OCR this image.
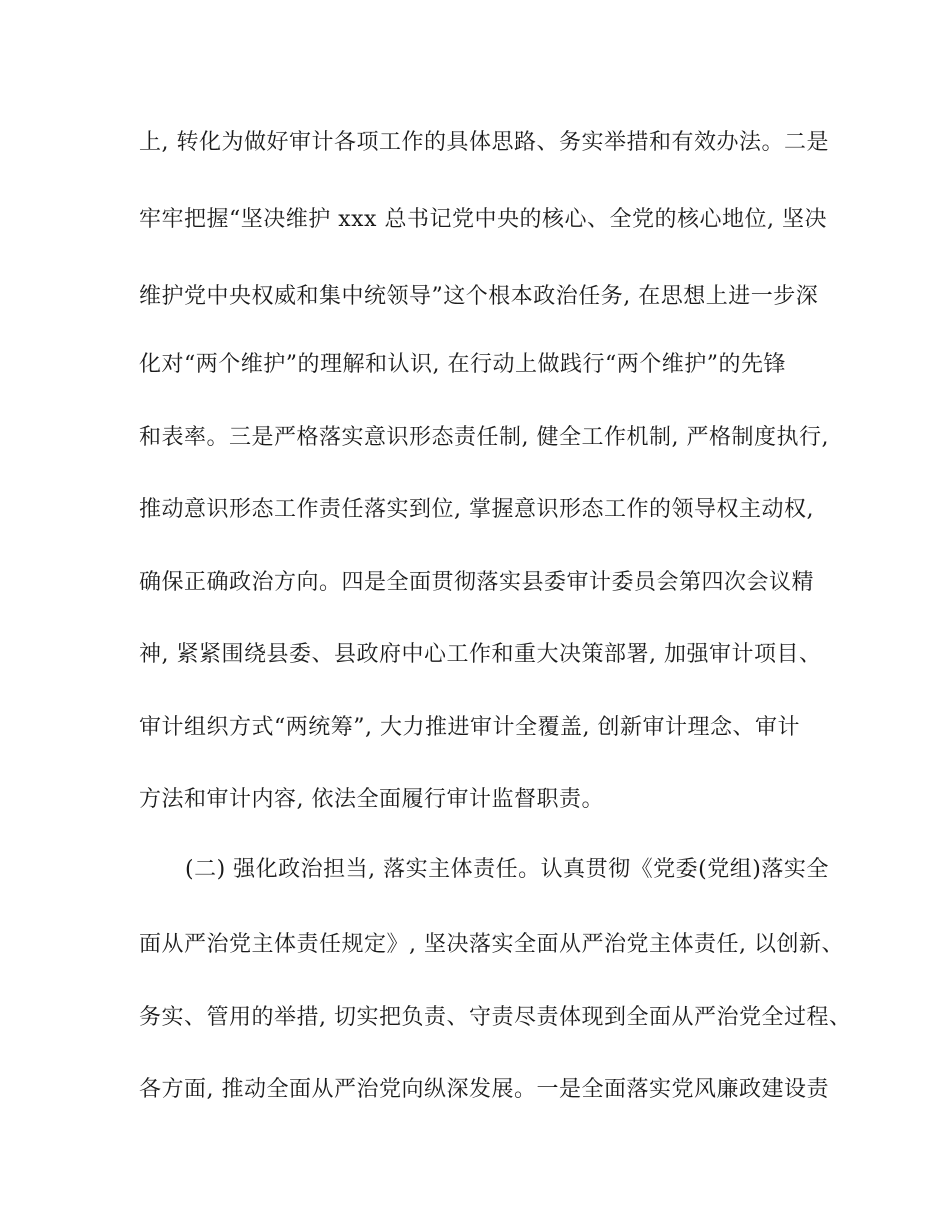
上, 转化为做好审计各项工作的具体思路、务实举措和有效办法。二是

牢牢把握“坚决维护 xxx 总书记党中央的核心、全党的核心地位, 坚决

维护党中央权威和集中统领导”这个根本政治任务, 在思想上进一步深

化对“两个维护”的理解和认识, 在行动上做践行“两个维护”的先锋

和表率。三是严格落实意识形态责任制, 健全工作机制, 严格制度执行,

推动意识形态工作责任落实到位, 掌握意识形态工作的领导权主动权,

确保正确政治方向。四是全面贯彻落实县委审计委员会第四次会议精

神, 紧紧围绕县委、县政府中心工作和重大决策部署, 加强审计项目、

审计组织方式“两统筹”, 大力推进审计全覆盖, 创新审计理念、审计

方法和审计内容, 依法全面履行审计监督职责。

(二) 强化政治担当, 落实主体责任。认真贯彻《党委(党组)落实全

面从严治党主体责任规定》, 坚决落实全面从严治党主体责任, 以创新、

务实、管用的举措, 切实把负责、守责尽责体现到全面从严治党全过程、

各方面, 推动全面从严治党向纵深发展。一是全面落实党风廉政建设责
